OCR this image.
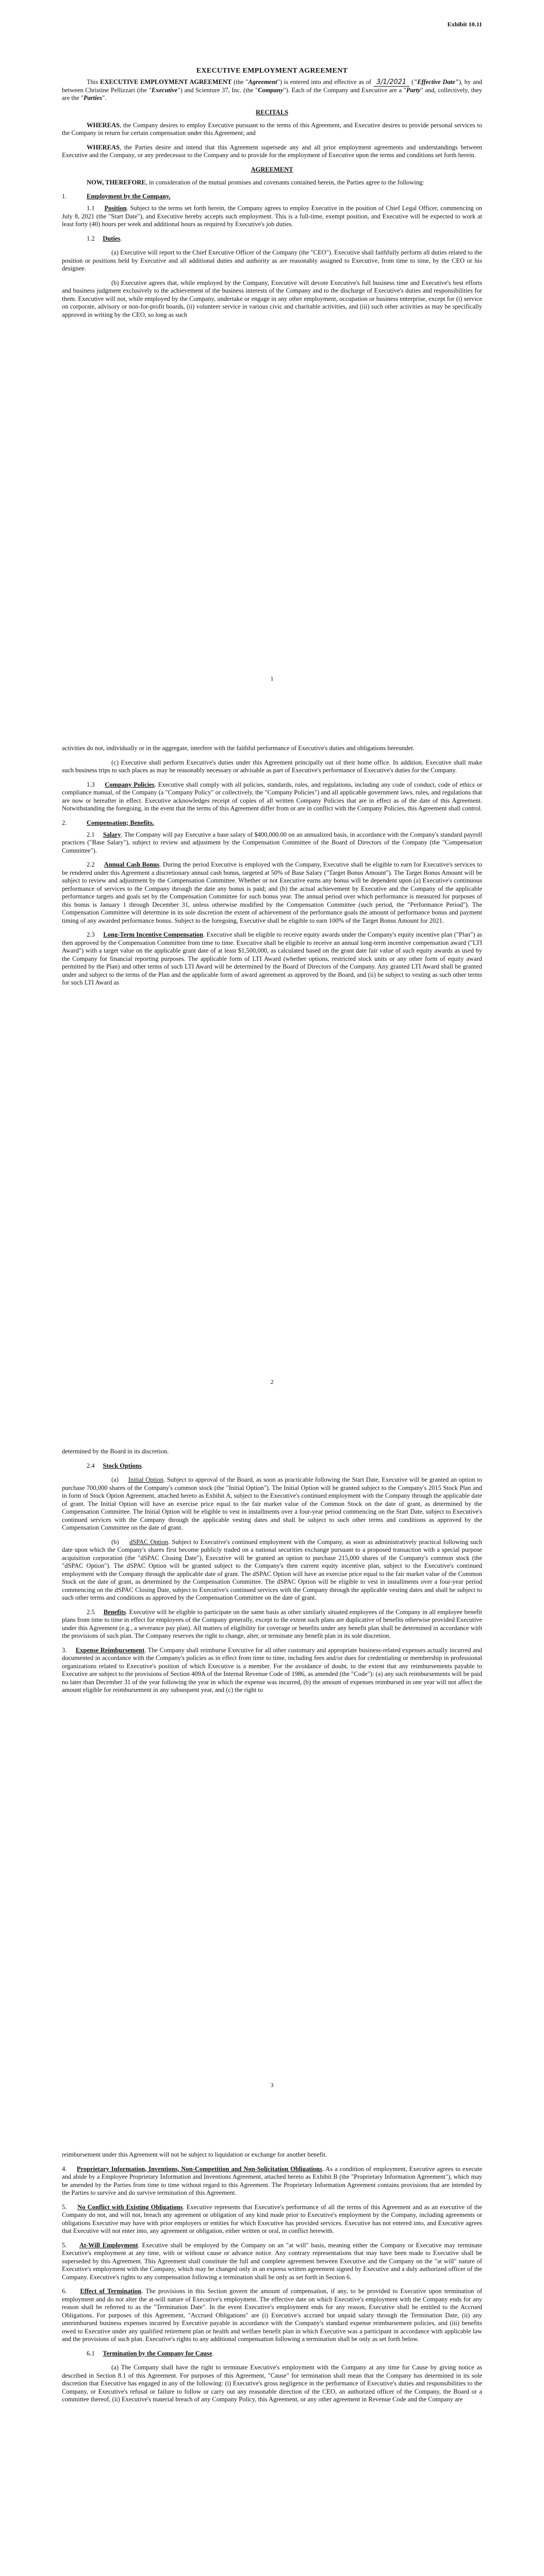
Exhibit 10.11
EXECUTIVE EMPLOYMENT AGREEMENT

This EXECUTIVE EMPLOYMENT AGREEMENT (the "Agreement") is entered into and effective as of 3/1/2021 ("Effective Date"), by and between Christine Pellizzari (the "Executive") and Scienture 37, Inc. (the "Company"). Each of the Company and Executive are a "Party" and, collectively, they are the "Parties".

RECITALS

WHEREAS, the Company desires to employ Executive pursuant to the terms of this Agreement, and Executive desires to provide personal services to the Company in return for certain compensation under this Agreement; and

WHEREAS, the Parties desire and intend that this Agreement supersede any and all prior employment agreements and understandings between Executive and the Company, or any predecessor to the Company and to provide for the employment of Executive upon the terms and conditions set forth herein.

AGREEMENT

NOW, THEREFORE, in consideration of the mutual promises and covenants contained herein, the Parties agree to the following:

1.	Employment by the Company.

1.1 Position. Subject to the terms set forth herein, the Company agrees to employ Executive in the position of Chief Legal Officer, commencing on July 8, 2021 (the "Start Date"), and Executive hereby accepts such employment. This is a full-time, exempt position, and Executive will be expected to work at least forty (40) hours per week and additional hours as required by Executive's job duties.

1.2 Duties.

(a) Executive will report to the Chief Executive Officer of the Company (the "CEO"). Executive shall faithfully perform all duties related to the position or positions held by Executive and all additional duties and authority as are reasonably assigned to Executive, from time to time, by the CEO or his designee.

(b) Executive agrees that, while employed by the Company, Executive will devote Executive's full business time and Executive's best efforts and business judgment exclusively to the achievement of the business interests of the Company and to the discharge of Executive's duties and responsibilities for them. Executive will not, while employed by the Company, undertake or engage in any other employment, occupation or business enterprise, except for (i) service on corporate, advisory or non-for-profit boards, (ii) volunteer service in various civic and charitable activities, and (iii) such other activities as may be specifically approved in writing by the CEO, so long as such

1

activities do not, individually or in the aggregate, interfere with the faithful performance of Executive's duties and obligations hereunder.

(c) Executive shall perform Executive's duties under this Agreement principally out of their home office. In addition, Executive shall make such business trips to such places as may be reasonably necessary or advisable as part of Executive's performance of Executive's duties for the Company.

1.3 Company Policies. Executive shall comply with all policies, standards, rules, and regulations, including any code of conduct, code of ethics or compliance manual, of the Company (a "Company Policy" or collectively, the "Company Policies") and all applicable government laws, rules, and regulations that are now or hereafter in effect. Executive acknowledges receipt of copies of all written Company Policies that are in effect as of the date of this Agreement. Notwithstanding the foregoing, in the event that the terms of this Agreement differ from or are in conflict with the Company Policies, this Agreement shall control.

2.	Compensation; Benefits.

2.1 Salary. The Company will pay Executive a base salary of $400,000.00 on an annualized basis, in accordance with the Company's standard payroll practices ("Base Salary"), subject to review and adjustment by the Compensation Committee of the Board of Directors of the Company (the "Compensation Committee").

2.2 Annual Cash Bonus. During the period Executive is employed with the Company, Executive shall be eligible to earn for Executive's services to be rendered under this Agreement a discretionary annual cash bonus, targeted at 50% of Base Salary ("Target Bonus Amount"). The Target Bonus Amount will be subject to review and adjustment by the Compensation Committee. Whether or not Executive earns any bonus will be dependent upon (a) Executive's continuous performance of services to the Company through the date any bonus is paid; and (b) the actual achievement by Executive and the Company of the applicable performance targets and goals set by the Compensation Committee for such bonus year. The annual period over which performance is measured for purposes of this bonus is January 1 through December 31, unless otherwise modified by the Compensation Committee (such period, the "Performance Period"). The Compensation Committee will determine in its sole discretion the extent of achievement of the performance goals the amount of performance bonus and payment timing of any awarded performance bonus. Subject to the foregoing, Executive shall be eligible to earn 100% of the Target Bonus Amount for 2021.

2.3 Long-Term Incentive Compensation. Executive shall be eligible to receive equity awards under the Company's equity incentive plan ("Plan") as then approved by the Compensation Committee from time to time. Executive shall be eligible to receive an annual long-term incentive compensation award ("LTI Award") with a target value on the applicable grant date of at least $1,500,000, as calculated based on the grant date fair value of such equity awards as used by the Company for financial reporting purposes. The applicable form of LTI Award (whether options, restricted stock units or any other form of equity award permitted by the Plan) and other terms of such LTI Award will be determined by the Board of Directors of the Company. Any granted LTI Award shall be granted under and subject to the terms of the Plan and the applicable form of award agreement as approved by the Board, and (ii) be subject to vesting as such other terms for such LTI Award as

2

determined by the Board in its discretion.

2.4 Stock Options.

(a)     Initial Option. Subject to approval of the Board, as soon as practicable following the Start Date, Executive will be granted an option to purchase 700,000 shares of the Company's common stock (the "Initial Option"). The Initial Option will be granted subject to the Company's 2015 Stock Plan and in form of Stock Option Agreement, attached hereto as Exhibit A, subject to the Executive's continued employment with the Company through the applicable date of grant. The Initial Option will have an exercise price equal to the fair market value of the Common Stock on the date of grant, as determined by the Compensation Committee. The Initial Option will be eligible to vest in installments over a four-year period commencing on the Start Date, subject to Executive's continued services with the Company through the applicable vesting dates and shall be subject to such other terms and conditions as approved by the Compensation Committee on the date of grant.

(b)     dSPAC Option. Subject to Executive's continued employment with the Company, as soon as administratively practical following such date upon which the Company's shares first become publicly traded on a national securities exchange pursuant to a proposed transaction with a special purpose acquisition corporation (the "dSPAC Closing Date"), Executive will be granted an option to purchase 215,000 shares of the Company's common stock (the "dSPAC Option"). The dSPAC Option will be granted subject to the Company's then current equity incentive plan, subject to the Executive's continued employment with the Company through the applicable date of grant. The dSPAC Option will have an exercise price equal to the fair market value of the Common Stock on the date of grant, as determined by the Compensation Committee. The dSPAC Option will be eligible to vest in installments over a four-year period commencing on the dSPAC Closing Date, subject to Executive's continued services with the Company through the applicable vesting dates and shall be subject to such other terms and conditions as approved by the Compensation Committee on the date of grant.

2.5 Benefits. Executive will be eligible to participate on the same basis as other similarly situated employees of the Company in all employee benefit plans from time to time in effect for employees of the Company generally, except to the extent such plans are duplicative of benefits otherwise provided Executive under this Agreement (e.g., a severance pay plan). All matters of eligibility for coverage or benefits under any benefit plan shall be determined in accordance with the provisions of such plan. The Company reserves the right to change, alter, or terminate any benefit plan in its sole discretion.

3. Expense Reimbursement. The Company shall reimburse Executive for all other customary and appropriate business-related expenses actually incurred and documented in accordance with the Company's policies as in effect from time to time, including fees and/or dues for credentialing or membership in professional organizations related to Executive's position of which Executive is a member. For the avoidance of doubt, to the extent that any reimbursements payable to Executive are subject to the provisions of Section 409A of the Internal Revenue Code of 1986, as amended (the "Code"): (a) any such reimbursements will be paid no later than December 31 of the year following the year in which the expense was incurred, (b) the amount of expenses reimbursed in one year will not affect the amount eligible for reimbursement in any subsequent year, and (c) the right to

3

reimbursement under this Agreement will not be subject to liquidation or exchange for another benefit.

4. Proprietary Information, Inventions, Non-Competition and Non-Solicitation Obligations. As a condition of employment, Executive agrees to execute and abide by a Employee Proprietary Information and Inventions Agreement, attached hereto as Exhibit B (the "Proprietary Information Agreement"), which may be amended by the Parties from time to time without regard to this Agreement. The Proprietary Information Agreement contains provisions that are intended by the Parties to survive and do survive termination of this Agreement.

5. No Conflict with Existing Obligations. Executive represents that Executive's performance of all the terms of this Agreement and as an executive of the Company do not, and will not, breach any agreement or obligation of any kind made prior to Executive's employment by the Company, including agreements or obligations Executive may have with prior employers or entities for which Executive has provided services. Executive has not entered into, and Executive agrees that Executive will not enter into, any agreement or obligation, either written or oral, in conflict herewith.

5. At-Will Employment. Executive shall be employed by the Company on an "at will" basis, meaning either the Company or Executive may terminate Executive's employment at any time, with or without cause or advance notice. Any contrary representations that may have been made to Executive shall be superseded by this Agreement. This Agreement shall constitute the full and complete agreement between Executive and the Company on the "at will" nature of Executive's employment with the Company, which may be changed only in an express written agreement signed by Executive and a duly authorized officer of the Company. Executive's rights to any compensation following a termination shall be only as set forth in Section 6.

6. Effect of Termination. The provisions in this Section govern the amount of compensation, if any, to be provided to Executive upon termination of employment and do not alter the at-will nature of Executive's employment. The effective date on which Executive's employment with the Company ends for any reason shall be referred to as the "Termination Date". In the event Executive's employment ends for any reason, Executive shall be entitled to the Accrued Obligations. For purposes of this Agreement, "Accrued Obligations" are (i) Executive's accrued but unpaid salary through the Termination Date, (ii) any unreimbursed business expenses incurred by Executive payable in accordance with the Company's standard expense reimbursement policies, and (iii) benefits owed to Executive under any qualified retirement plan or health and welfare benefit plan in which Executive was a participant in accordance with applicable law and the provisions of such plan. Executive's rights to any additional compensation following a termination shall be only as set forth below.

6.1 Termination by the Company for Cause.

(a) The Company shall have the right to terminate Executive's employment with the Company at any time for Cause by giving notice as described in Section 8.1 of this Agreement. For purposes of this Agreement, "Cause" for termination shall mean that the Company has determined in its sole discretion that Executive has engaged in any of the following: (i) Executive's gross negligence in the performance of Executive's duties and responsibilities to the Company, or Executive's refusal or failure to follow or carry out any reasonable direction of the CEO, an authorized officer of the Company, the Board or a committee thereof, (ii) Executive's material breach of any Company Policy, this Agreement, or any other agreement in Revenue Code and the Company are
